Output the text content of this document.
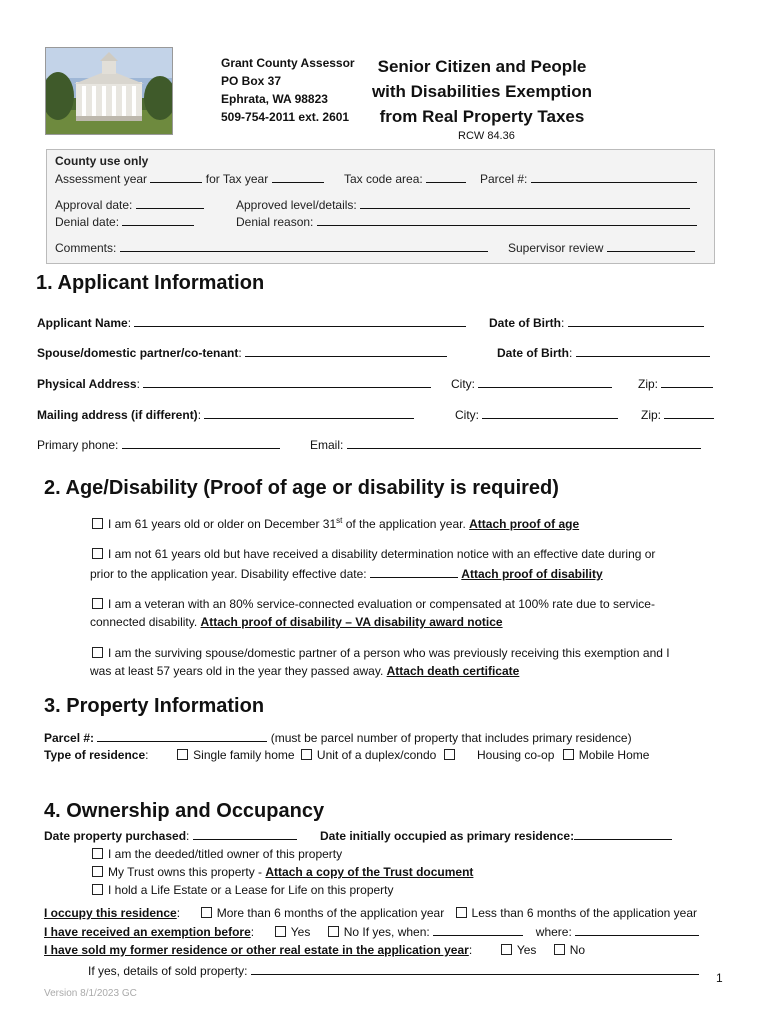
Grant County Assessor
PO Box 37
Ephrata, WA 98823
509-754-2011 ext. 2601
Senior Citizen and People
with Disabilities Exemption
from Real Property Taxes
RCW 84.36
County use only
Assessment year	for Tax year	Tax code area:	Parcel #:
Approval date:
Denial date:
Approved level/details:
Denial reason:
Comments:	Supervisor review
1. Applicant Information
Applicant Name:	Date of Birth:
Spouse/domestic partner/co-tenant:	Date of Birth:
Physical Address:	City:	Zip:
Mailing address (if different):	City:	Zip:
Primary phone:	Email:
2. Age/Disability (Proof of age or disability is required)
I am 61 years old or older on December 31st of the application year. Attach proof of age
I am not 61 years old but have received a disability determination notice with an effective date during or
prior to the application year. Disability effective date:	Attach proof of disability
I am a veteran with an 80% service-connected evaluation or compensated at 100% rate due to service-
connected disability. Attach proof of disability – VA disability award notice
I am the surviving spouse/domestic partner of a person who was previously receiving this exemption and I
was at least 57 years old in the year they passed away. Attach death certificate
3. Property Information
Parcel #:	(must be parcel number of property that includes primary residence)
Type of residence:	Single family home Unit of a duplex/condo	Housing co-op Mobile Home
4. Ownership and Occupancy
Date property purchased:	Date initially occupied as primary residence:
I am the deeded/titled owner of this property
My Trust owns this property - Attach a copy of the Trust document
I hold a Life Estate or a Lease for Life on this property
I occupy this residence:	More than 6 months of the application year Less than 6 months of the application year
I have received an exemption before:	Yes	No If yes, when:	where:
I have sold my former residence or other real estate in the application year:	Yes	No
If yes, details of sold property:
Version 8/1/2023 GC
1
